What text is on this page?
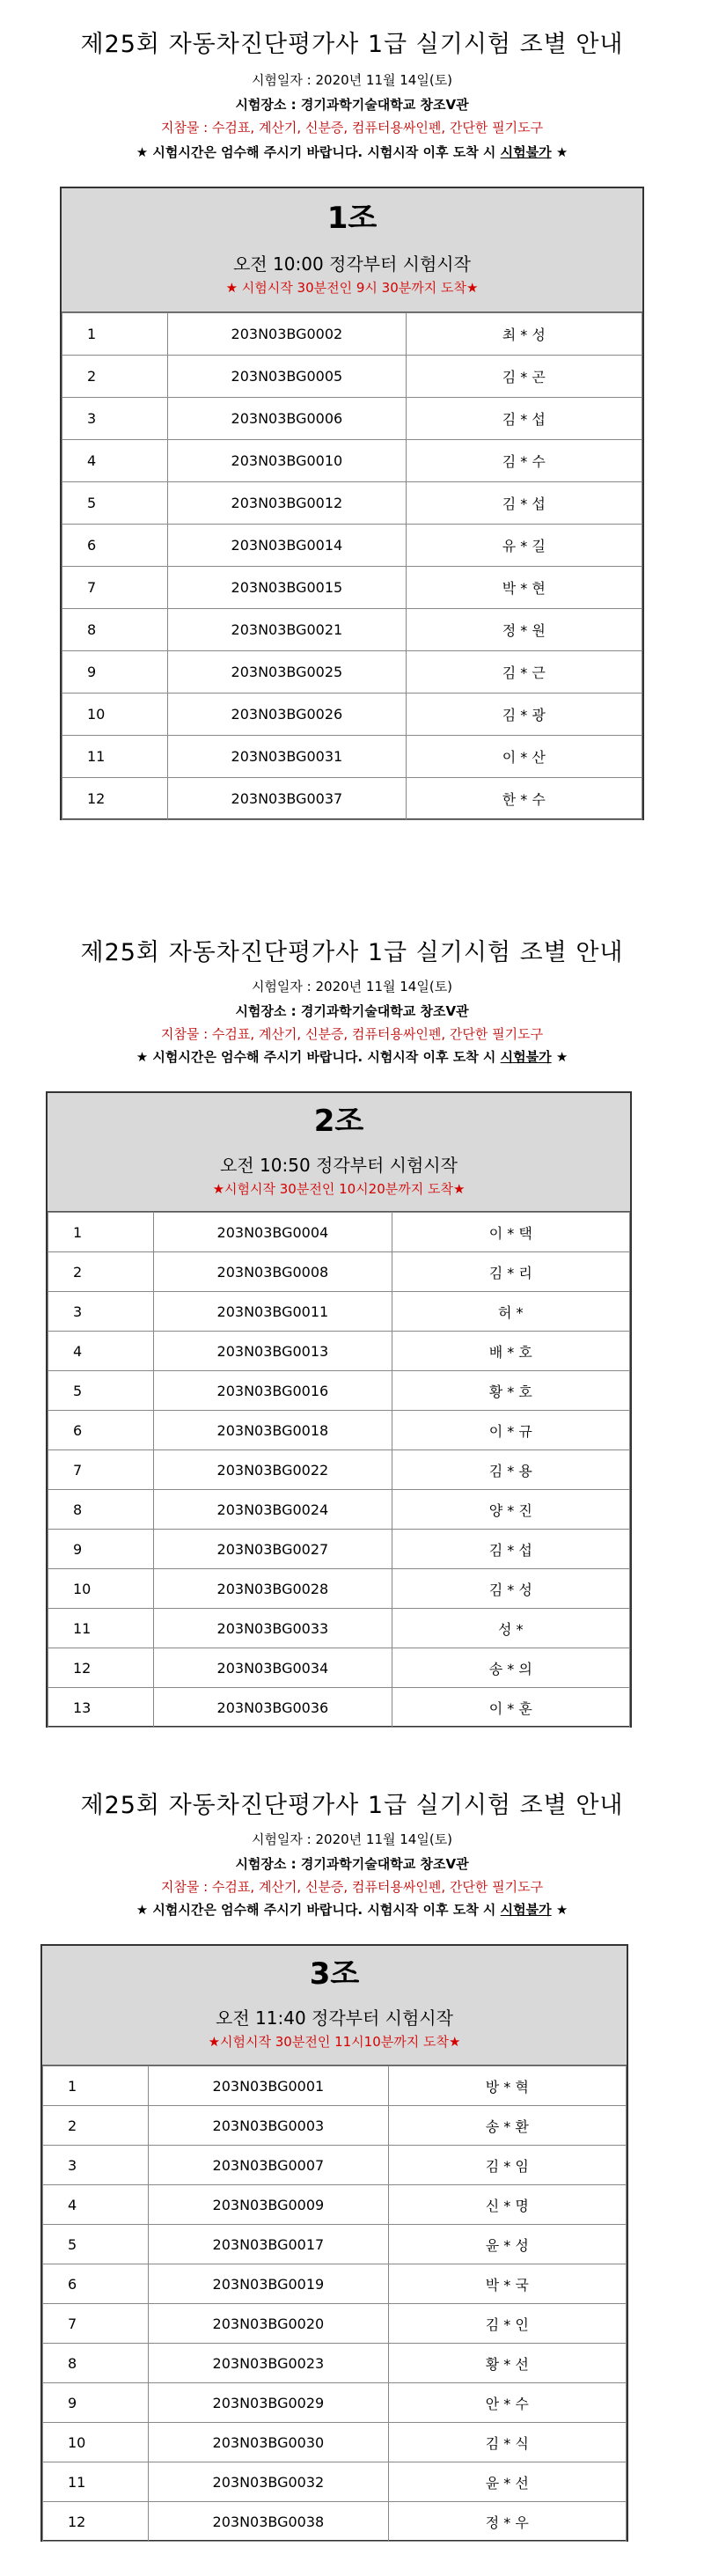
제25회 자동차진단평가사 1급 실기시험 조별 안내
시험일자 : 2020년 11월 14일(토)
시험장소 : 경기과학기술대학교 창조V관
지참물 : 수검표, 계산기, 신분증, 컴퓨터용싸인펜, 간단한 필기도구
★ 시험시간은 엄수해 주시기 바랍니다. 시험시작 이후 도착 시 시험불가 ★
1조
오전 10:00 정각부터 시험시작
★ 시험시작 30분전인 9시 30분까지 도착★
1	203N03BG0002	최 * 성
2	203N03BG0005	김 * 곤
3	203N03BG0006	김 * 섭
4	203N03BG0010	김 * 수
5	203N03BG0012	김 * 섭
6	203N03BG0014	유 * 길
7	203N03BG0015	박 * 현
8	203N03BG0021	정 * 원
9	203N03BG0025	김 * 근
10	203N03BG0026	김 * 광
11	203N03BG0031	이 * 산
12	203N03BG0037	한 * 수
제25회 자동차진단평가사 1급 실기시험 조별 안내
시험일자 : 2020년 11월 14일(토)
시험장소 : 경기과학기술대학교 창조V관
지참물 : 수검표, 계산기, 신분증, 컴퓨터용싸인펜, 간단한 필기도구
★ 시험시간은 엄수해 주시기 바랍니다. 시험시작 이후 도착 시 시험불가 ★
2조
오전 10:50 정각부터 시험시작
★시험시작 30분전인 10시20분까지 도착★
1	203N03BG0004	이 * 택
2	203N03BG0008	김 * 리
3	203N03BG0011	허 *
4	203N03BG0013	배 * 호
5	203N03BG0016	황 * 호
6	203N03BG0018	이 * 규
7	203N03BG0022	김 * 용
8	203N03BG0024	양 * 진
9	203N03BG0027	김 * 섭
10	203N03BG0028	김 * 성
11	203N03BG0033	성 *
12	203N03BG0034	송 * 의
13	203N03BG0036	이 * 훈
제25회 자동차진단평가사 1급 실기시험 조별 안내
시험일자 : 2020년 11월 14일(토)
시험장소 : 경기과학기술대학교 창조V관
지참물 : 수검표, 계산기, 신분증, 컴퓨터용싸인펜, 간단한 필기도구
★ 시험시간은 엄수해 주시기 바랍니다. 시험시작 이후 도착 시 시험불가 ★
3조
오전 11:40 정각부터 시험시작
★시험시작 30분전인 11시10분까지 도착★
1	203N03BG0001	방 * 혁
2	203N03BG0003	송 * 환
3	203N03BG0007	김 * 임
4	203N03BG0009	신 * 명
5	203N03BG0017	윤 * 성
6	203N03BG0019	박 * 국
7	203N03BG0020	김 * 인
8	203N03BG0023	황 * 선
9	203N03BG0029	안 * 수
10	203N03BG0030	김 * 식
11	203N03BG0032	윤 * 선
12	203N03BG0038	정 * 우
